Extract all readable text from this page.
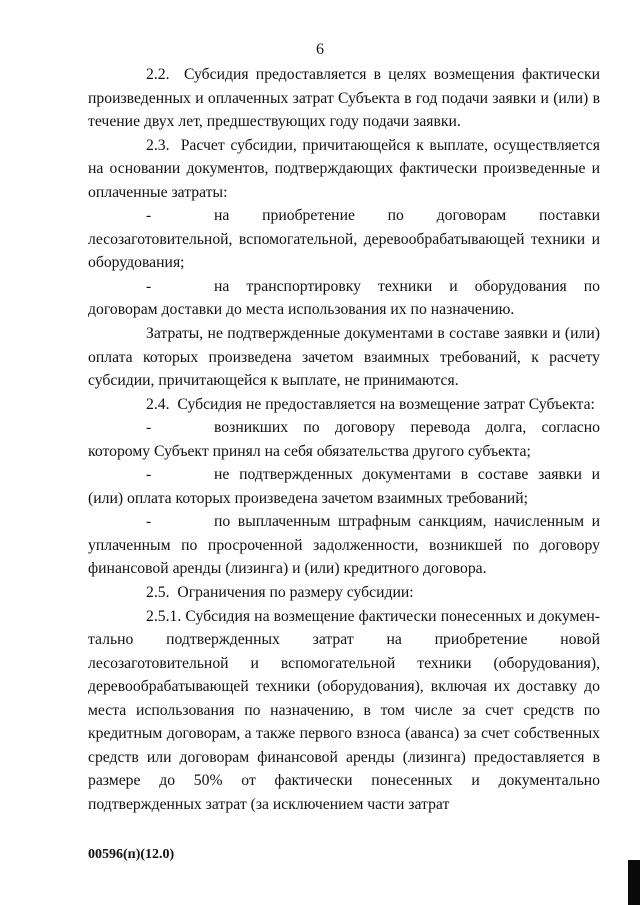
6

2.2.  Субсидия предоставляется в целях возмещения фактически произведенных и оплаченных затрат Субъекта в год подачи заявки и (или) в течение двух лет, предшествующих году подачи заявки.

2.3.  Расчет субсидии, причитающейся к выплате, осуществляется на основании документов, подтверждающих фактически произведенные и оплаченные затраты:

-	на приобретение по договорам поставки лесозаготовительной, вспомогательной, деревообрабатывающей техники и оборудования;

-	на транспортировку техники и оборудования по договорам доставки до места использования их по назначению.

Затраты, не подтвержденные документами в составе заявки и (или) оплата которых произведена зачетом взаимных требований, к расчету субсидии, причитающейся к выплате, не принимаются.

2.4.  Субсидия не предоставляется на возмещение затрат Субъекта:

-	возникших по договору перевода долга, согласно которому Субъект принял на себя обязательства другого субъекта;

-	не подтвержденных документами в составе заявки и (или) оплата которых произведена зачетом взаимных требований;

-	по выплаченным штрафным санкциям, начисленным и уплаченным по просроченной задолженности, возникшей по договору финансовой аренды (лизинга) и (или) кредитного договора.

2.5.  Ограничения по размеру субсидии:

2.5.1. Субсидия на возмещение фактически понесенных и документально подтвержденных затрат на приобретение новой лесозаготовительной и вспомогательной техники (оборудования), деревообрабатывающей техники (оборудования), включая их доставку до места использования по назначению, в том числе за счет средств по кредитным договорам, а также первого взноса (аванса) за счет собственных средств или договорам финансовой аренды (лизинга) предоставляется в размере до 50% от фактически понесенных и документально подтвержденных затрат (за исключением части затрат

00596(п)(12.0)
